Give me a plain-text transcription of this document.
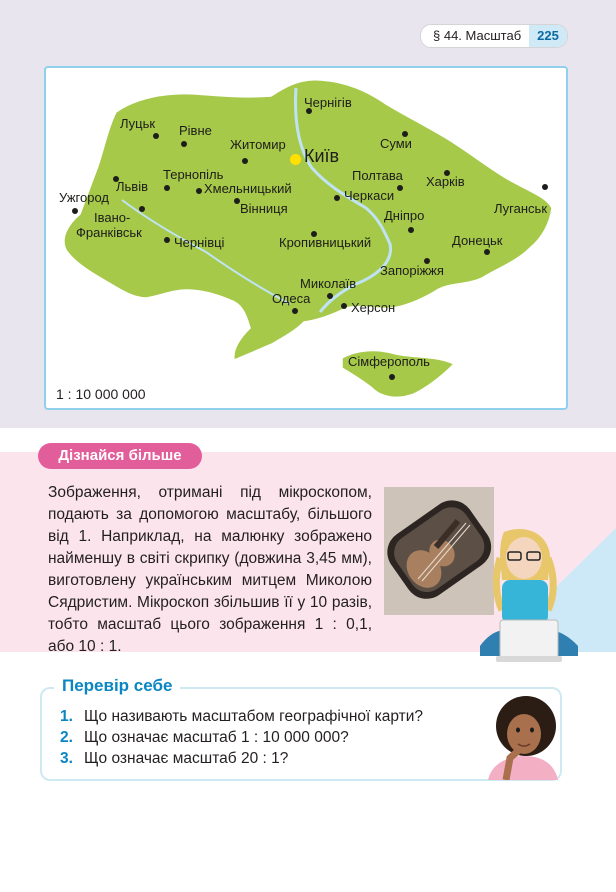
§ 44. Масштаб	225
Луцьк Рівне
Житомир
Чернігів
Київ
Суми
Харків
Полтава
Тернопіль
Львів	Хмельницький	Черкаси
Ужгород
Івано-
Франківськ
Вінниця	Дніпро	Луганськ
Чернівці	Кропивницький	Донецьк
Запоріжжя
Миколаїв
Одеса
Херсон
Сімферополь
1 : 10 000 000
Дізнайся більше
Зображення, отримані під мікроскопом, подають за допомогою масштабу, більшого від 1. Наприклад, на малюнку зображено найменшу в світі скрипку (довжина 3,45 мм), виготовлену українським митцем Миколою Сядристим. Мікроскоп збільшив її у 10 разів, тобто масштаб цього зображення 1 : 0,1, або 10 : 1.
Перевір себе
1. Що називають масштабом географічної карти?
2. Що означає масштаб 1 : 10 000 000?
3. Що означає масштаб 20 : 1?
